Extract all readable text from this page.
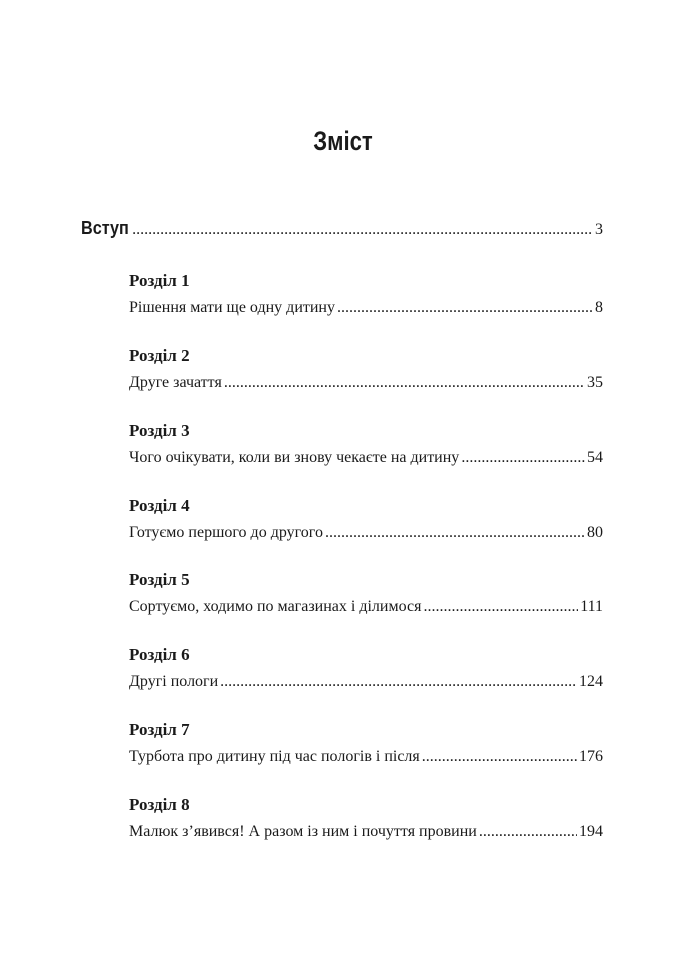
Зміст
Вступ .....	3
Розділ 1
Рішення мати ще одну дитину .....	8
Розділ 2
Друге зачаття .....	35
Розділ 3
Чого очікувати, коли ви знову чекаєте на дитину .....	54
Розділ 4
Готуємо першого до другого .....	80
Розділ 5
Сортуємо, ходимо по магазинах і ділимося .....	111
Розділ 6
Другі пологи .....	124
Розділ 7
Турбота про дитину під час пологів і після .....	176
Розділ 8
Малюк з’явився! А разом із ним і почуття провини .....	194
